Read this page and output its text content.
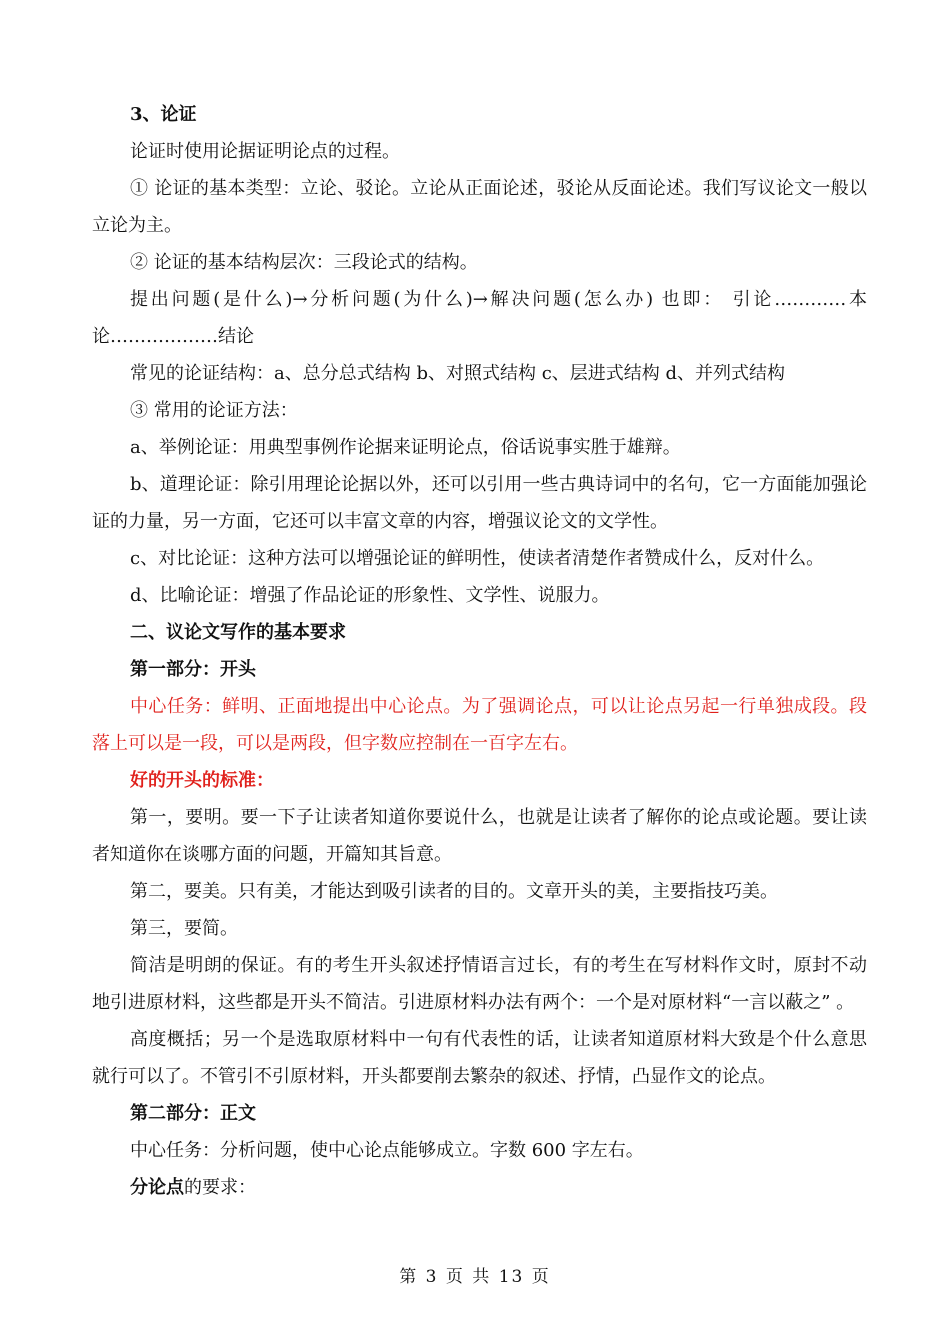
3、论证

论证时使用论据证明论点的过程。

① 论证的基本类型：立论、驳论。立论从正面论述，驳论从反面论述。我们写议论文一般以立论为主。

② 论证的基本结构层次：三段论式的结构。

提出问题(是什么)→分析问题(为什么)→解决问题(怎么办) 也即： 引论…………本论………………结论

常见的论证结构：a、总分总式结构 b、对照式结构 c、层进式结构 d、并列式结构

③ 常用的论证方法：

a、举例论证：用典型事例作论据来证明论点，俗话说事实胜于雄辩。

b、道理论证：除引用理论论据以外，还可以引用一些古典诗词中的名句，它一方面能加强论证的力量，另一方面，它还可以丰富文章的内容，增强议论文的文学性。

c、对比论证：这种方法可以增强论证的鲜明性，使读者清楚作者赞成什么，反对什么。

d、比喻论证：增强了作品论证的形象性、文学性、说服力。

二、议论文写作的基本要求

第一部分：开头

中心任务：鲜明、正面地提出中心论点。为了强调论点，可以让论点另起一行单独成段。段落上可以是一段，可以是两段，但字数应控制在一百字左右。

好的开头的标准：

第一，要明。要一下子让读者知道你要说什么，也就是让读者了解你的论点或论题。要让读者知道你在谈哪方面的问题，开篇知其旨意。

第二，要美。只有美，才能达到吸引读者的目的。文章开头的美，主要指技巧美。

第三，要简。

简洁是明朗的保证。有的考生开头叙述抒情语言过长，有的考生在写材料作文时，原封不动地引进原材料，这些都是开头不简洁。引进原材料办法有两个：一个是对原材料“一言以蔽之” 。

高度概括；另一个是选取原材料中一句有代表性的话，让读者知道原材料大致是个什么意思就行可以了。不管引不引原材料，开头都要削去繁杂的叙述、抒情，凸显作文的论点。

第二部分：正文

中心任务：分析问题，使中心论点能够成立。字数 600 字左右。

分论点的要求：

第 3 页 共 13 页
